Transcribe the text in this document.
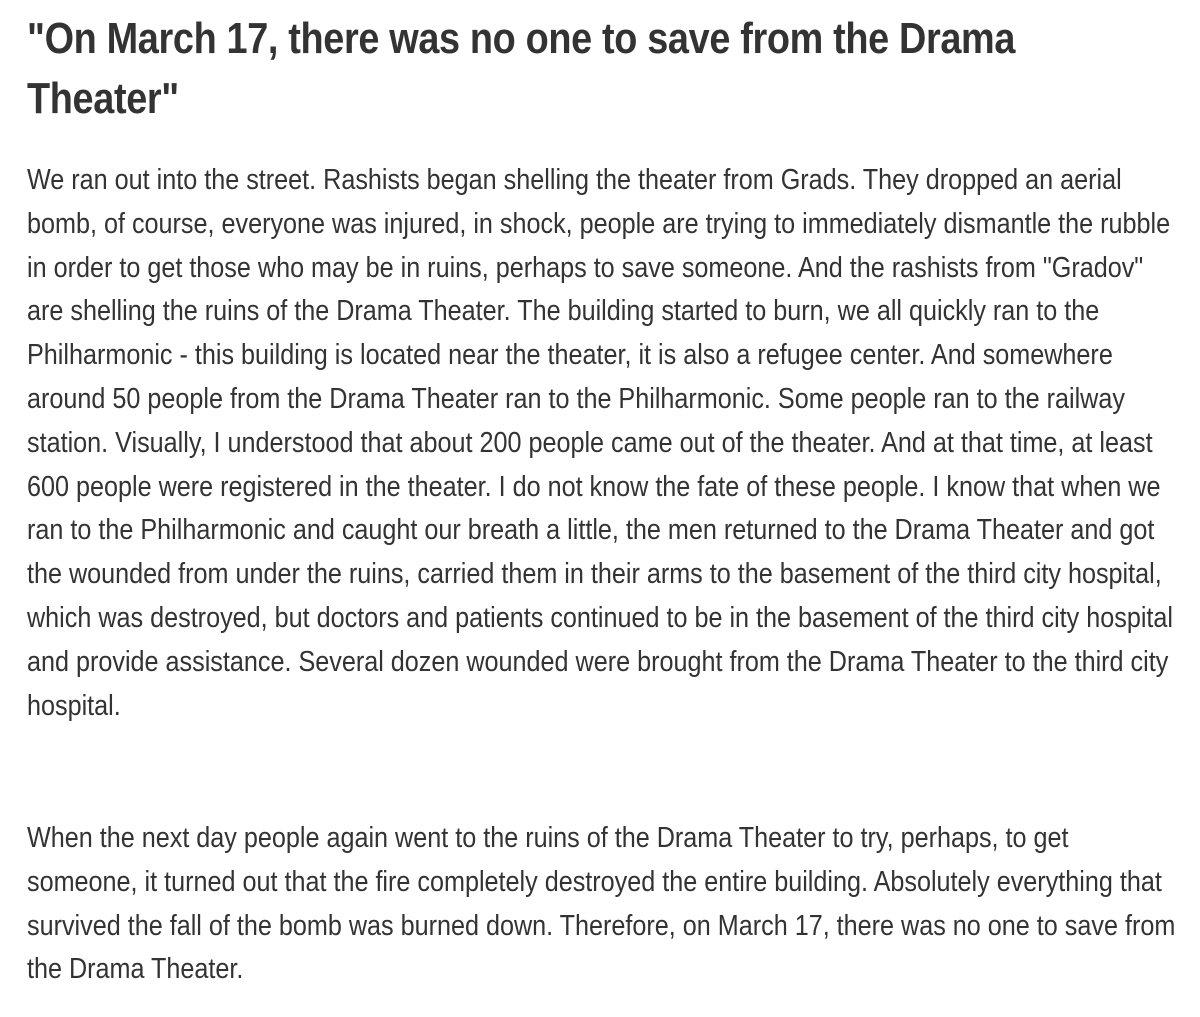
"On March 17, there was no one to save from the Drama Theater"

We ran out into the street. Rashists began shelling the theater from Grads. They dropped an aerial bomb, of course, everyone was injured, in shock, people are trying to immediately dismantle the rubble in order to get those who may be in ruins, perhaps to save someone. And the rashists from "Gradov" are shelling the ruins of the Drama Theater. The building started to burn, we all quickly ran to the Philharmonic - this building is located near the theater, it is also a refugee center. And somewhere around 50 people from the Drama Theater ran to the Philharmonic. Some people ran to the railway station. Visually, I understood that about 200 people came out of the theater. And at that time, at least 600 people were registered in the theater. I do not know the fate of these people. I know that when we ran to the Philharmonic and caught our breath a little, the men returned to the Drama Theater and got the wounded from under the ruins, carried them in their arms to the basement of the third city hospital, which was destroyed, but doctors and patients continued to be in the basement of the third city hospital and provide assistance. Several dozen wounded were brought from the Drama Theater to the third city hospital.

When the next day people again went to the ruins of the Drama Theater to try, perhaps, to get someone, it turned out that the fire completely destroyed the entire building. Absolutely everything that survived the fall of the bomb was burned down. Therefore, on March 17, there was no one to save from the Drama Theater.
